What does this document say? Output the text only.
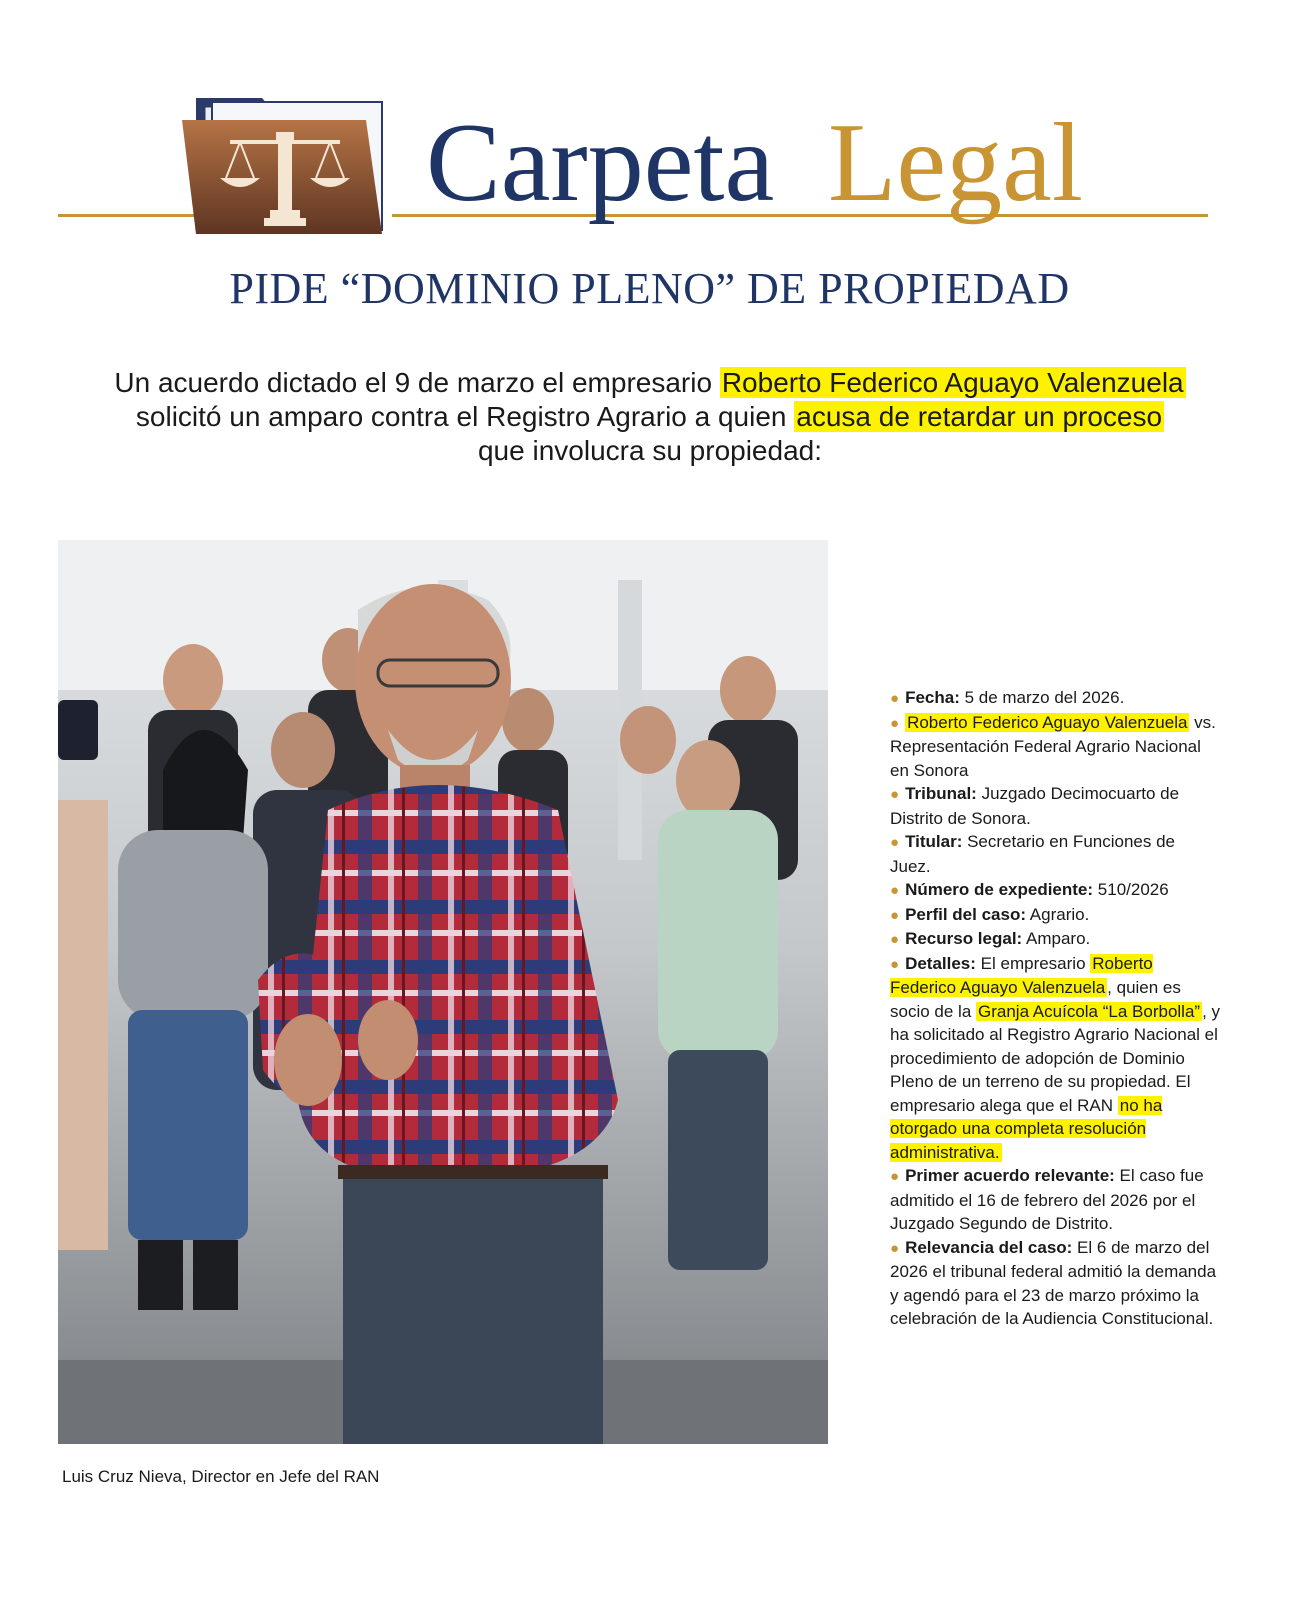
Carpeta Legal
PIDE “DOMINIO PLENO” DE PROPIEDAD
Un acuerdo dictado el 9 de marzo el empresario Roberto Federico Aguayo Valenzuela
solicitó un amparo contra el Registro Agrario a quien acusa de retardar un proceso
que involucra su propiedad:
Luis Cruz Nieva, Director en Jefe del RAN

● Fecha: 5 de marzo del 2026.

● Roberto Federico Aguayo Valenzuela vs. Representación Federal Agrario Nacional en Sonora

● Tribunal: Juzgado Decimocuarto de Distrito de Sonora.

● Titular: Secretario en Funciones de Juez.

● Número de expediente: 510/2026

● Perfil del caso: Agrario.

● Recurso legal: Amparo.

● Detalles: El empresario Roberto Federico Aguayo Valenzuela , quien es socio de la Granja Acuícola “La Borbolla” , y ha solicitado al Registro Agrario Nacional el procedimiento de adopción de Dominio Pleno de un terreno de su propiedad. El empresario alega que el RAN no ha otorgado una completa resolución administrativa.

● Primer acuerdo relevante: El caso fue admitido el 16 de febrero del 2026 por el Juzgado Segundo de Distrito.

● Relevancia del caso: El 6 de marzo del 2026 el tribunal federal admitió la demanda y agendó para el 23 de marzo próximo la celebración de la Audiencia Constitucional.
